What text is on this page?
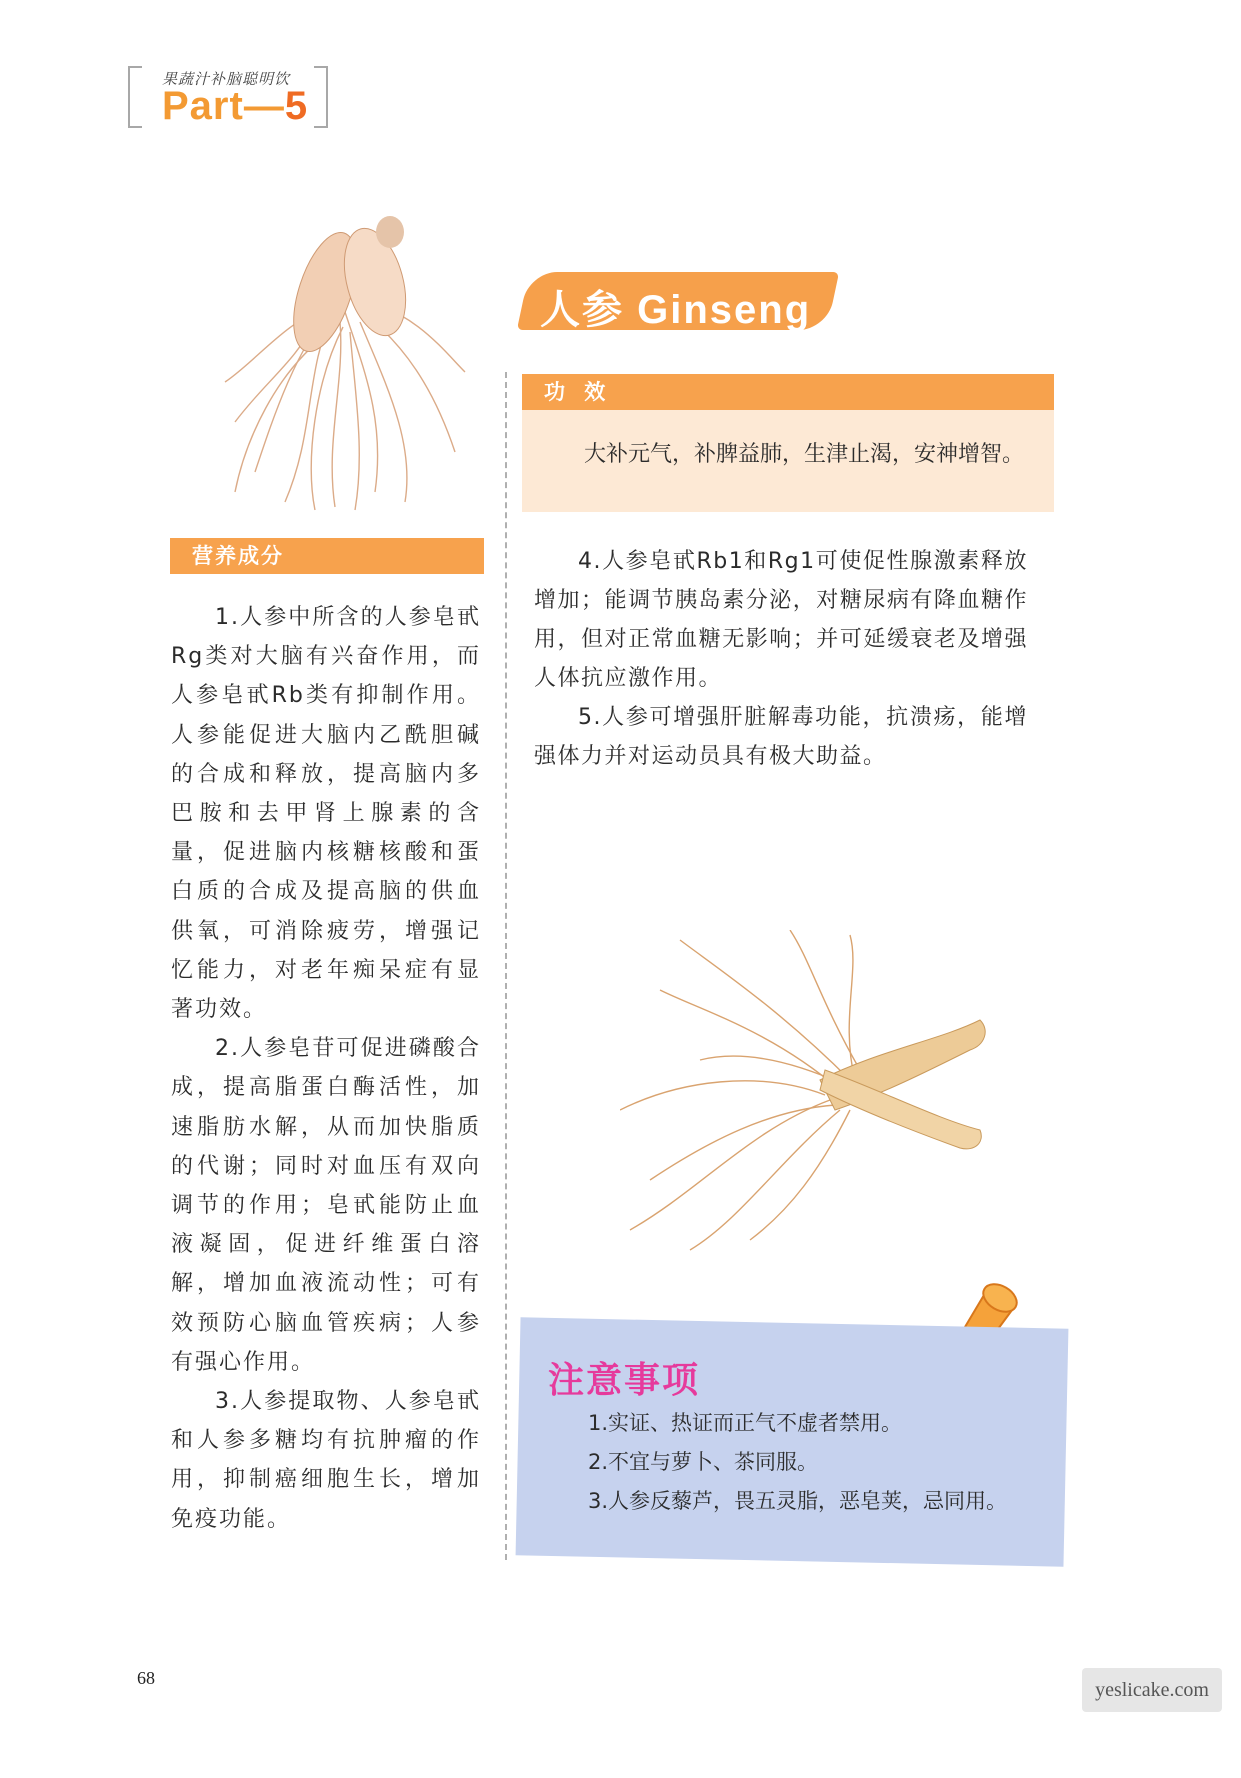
果蔬汁补脑聪明饮
Part—5
人参 Ginseng
功 效
大补元气，补脾益肺，生津止渴，安神增智。
营养成分

1.人参中所含的人参皂甙Rg类对大脑有兴奋作用，而人参皂甙Rb类有抑制作用。人参能促进大脑内乙酰胆碱的合成和释放，提高脑内多巴胺和去甲肾上腺素的含量，促进脑内核糖核酸和蛋白质的合成及提高脑的供血供氧，可消除疲劳，增强记忆能力，对老年痴呆症有显著功效。

2.人参皂苷可促进磷酸合成，提高脂蛋白酶活性，加速脂肪水解，从而加快脂质的代谢；同时对血压有双向调节的作用；皂甙能防止血液凝固，促进纤维蛋白溶解，增加血液流动性；可有效预防心脑血管疾病；人参有强心作用。

3.人参提取物、人参皂甙和人参多糖均有抗肿瘤的作用，抑制癌细胞生长，增加免疫功能。

4.人参皂甙Rb1和Rg1可使促性腺激素释放增加；能调节胰岛素分泌，对糖尿病有降血糖作用，但对正常血糖无影响；并可延缓衰老及增强人体抗应激作用。

5.人参可增强肝脏解毒功能，抗溃疡，能增强体力并对运动员具有极大助益。

注意事项
1.实证、热证而正气不虚者禁用。
2.不宜与萝卜、茶同服。
3.人参反藜芦，畏五灵脂，恶皂荚，忌同用。
68
yeslicake.com
